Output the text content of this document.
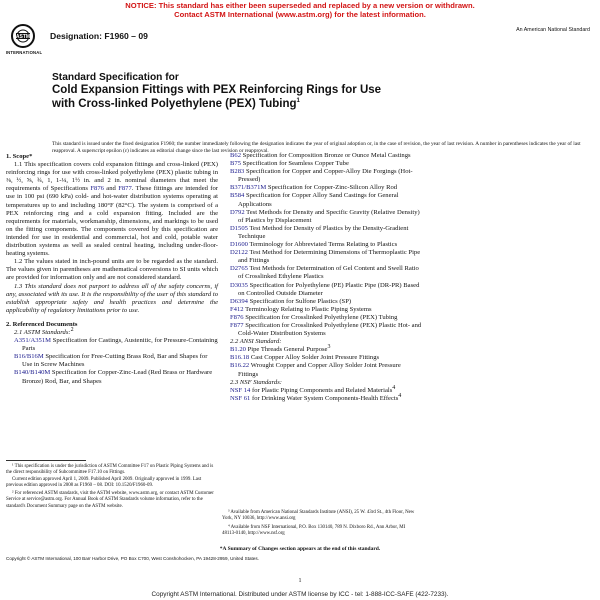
NOTICE: This standard has either been superseded and replaced by a new version or withdrawn.
Contact ASTM International (www.astm.org) for the latest information.
ASTM
INTERNATIONAL
Designation: F1960 – 09
An American National Standard
Standard Specification for
Cold Expansion Fittings with PEX Reinforcing Rings for Use
with Cross-linked Polyethylene (PEX) Tubing$^1$
This standard is issued under the fixed designation F1960; the number immediately following the designation indicates the year of original adoption or, in the case of revision, the year of last revision. A number in parentheses indicates the year of last reapproval. A superscript epsilon (ε) indicates an editorial change since the last revision or reapproval.

1. Scope*

1.1 This specification covers cold expansion fittings and cross-linked (PEX) reinforcing rings for use with cross-linked polyethylene (PEX) plastic tubing in ⅜, ½, ⅝, ¾, 1, 1-¼, 1½ in. and 2 in. nominal diameters that meet the requirements of Specifications F876 and F877. These fittings are intended for use in 100 psi (690 kPa) cold- and hot-water distribution systems operating at temperatures up to and including 180°F (82°C). The system is comprised of a PEX reinforcing ring and a cold expansion fitting. Included are the requirements for materials, workmanship, dimensions, and markings to be used on the fitting components. The components covered by this specification are intended for use in residential and commercial, hot and cold, potable water distribution systems as well as sealed central heating, including under-floor-heating systems.

1.2 The values stated in inch-pound units are to be regarded as the standard. The values given in parentheses are mathematical conversions to SI units which are provided for information only and are not considered standard.

1.3 This standard does not purport to address all of the safety concerns, if any, associated with its use. It is the responsibility of the user of this standard to establish appropriate safety and health practices and determine the applicability of regulatory limitations prior to use.

2. Referenced Documents

2.1 ASTM Standards:2

A351/A351M Specification for Castings, Austenitic, for Pressure-Containing Parts

B16/B16M Specification for Free-Cutting Brass Rod, Bar and Shapes for Use in Screw Machines

B140/B140M Specification for Copper-Zinc-Lead (Red Brass or Hardware Bronze) Rod, Bar, and Shapes

B62 Specification for Composition Bronze or Ounce Metal Castings

B75 Specification for Seamless Copper Tube

B283 Specification for Copper and Copper-Alloy Die Forgings (Hot-Pressed)

B371/B371M Specification for Copper-Zinc-Silicon Alloy Rod

B584 Specification for Copper Alloy Sand Castings for General Applications

D792 Test Methods for Density and Specific Gravity (Relative Density) of Plastics by Displacement

D1505 Test Method for Density of Plastics by the Density-Gradient Technique

D1600 Terminology for Abbreviated Terms Relating to Plastics

D2122 Test Method for Determining Dimensions of Thermoplastic Pipe and Fittings

D2765 Test Methods for Determination of Gel Content and Swell Ratio of Crosslinked Ethylene Plastics

D3035 Specification for Polyethylene (PE) Plastic Pipe (DR-PR) Based on Controlled Outside Diameter

D6394 Specification for Sulfone Plastics (SP)

F412 Terminology Relating to Plastic Piping Systems

F876 Specification for Crosslinked Polyethylene (PEX) Tubing

F877 Specification for Crosslinked Polyethylene (PEX) Plastic Hot- and Cold-Water Distribution Systems

2.2 ANSI Standard:

B1.20 Pipe Threads General Purpose3

B16.18 Cast Copper Alloy Solder Joint Pressure Fittings

B16.22 Wrought Copper and Copper Alloy Solder Joint Pressure Fittings

2.3 NSF Standards:

NSF 14 for Plastic Piping Components and Related Materials4

NSF 61 for Drinking Water System Components-Health Effects4

¹ This specification is under the jurisdiction of ASTM Committee F17 on Plastic Piping Systems and is the direct responsibility of Subcommittee F17.10 on Fittings.
Current edition approved April 1, 2009. Published April 2009. Originally approved in 1999. Last previous edition approved in 2008 as F1960 – 08. DOI: 10.1520/F1960-09.
² For referenced ASTM standards, visit the ASTM website, www.astm.org, or contact ASTM Customer Service at service@astm.org. For Annual Book of ASTM Standards volume information, refer to the standard's Document Summary page on the ASTM website.
³ Available from American National Standards Institute (ANSI), 25 W. 43rd St., 4th Floor, New York, NY 10036, http://www.ansi.org
⁴ Available from NSF International, P.O. Box 130140, 789 N. Dixboro Rd., Ann Arbor, MI 48113-0140, http://www.nsf.org
*A Summary of Changes section appears at the end of this standard.
Copyright © ASTM International, 100 Barr Harbor Drive, PO Box C700, West Conshohocken, PA 19428-2959, United States.
1
Copyright ASTM International. Distributed under ASTM license by ICC - tel: 1-888-ICC-SAFE (422-7233).
